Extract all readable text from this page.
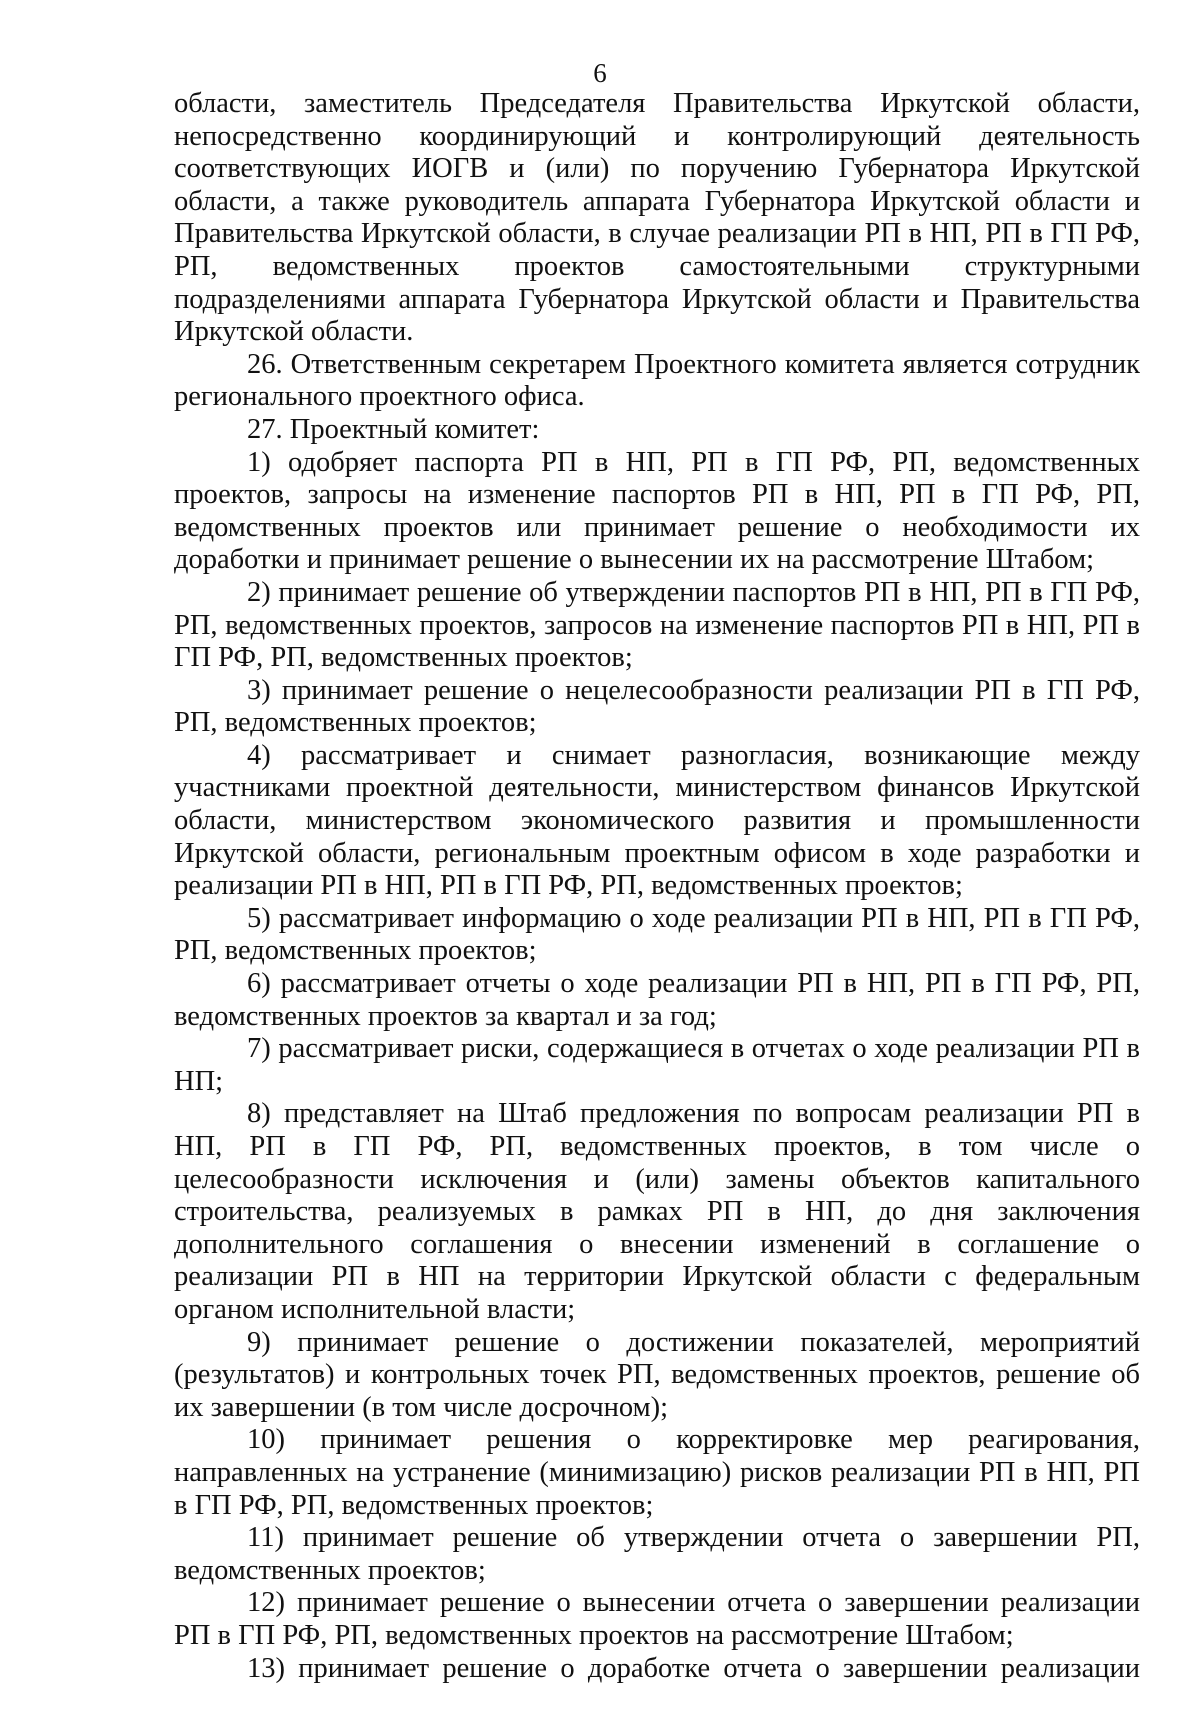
6

области, заместитель Председателя Правительства Иркутской области, непосредственно координирующий и контролирующий деятельность соответствующих ИОГВ и (или) по поручению Губернатора Иркутской области, а также руководитель аппарата Губернатора Иркутской области и Правительства Иркутской области, в случае реализации РП в НП, РП в ГП РФ, РП, ведомственных проектов самостоятельными структурными подразделениями аппарата Губернатора Иркутской области и Правительства Иркутской области.

26. Ответственным секретарем Проектного комитета является сотрудник регионального проектного офиса.

27. Проектный комитет:

1) одобряет паспорта РП в НП, РП в ГП РФ, РП, ведомственных проектов, запросы на изменение паспортов РП в НП, РП в ГП РФ, РП, ведомственных проектов или принимает решение о необходимости их доработки и принимает решение о вынесении их на рассмотрение Штабом;

2) принимает решение об утверждении паспортов РП в НП, РП в ГП РФ, РП, ведомственных проектов, запросов на изменение паспортов РП в НП, РП в ГП РФ, РП, ведомственных проектов;

3) принимает решение о нецелесообразности реализации РП в ГП РФ, РП, ведомственных проектов;

4) рассматривает и снимает разногласия, возникающие между участниками проектной деятельности, министерством финансов Иркутской области, министерством экономического развития и промышленности Иркутской области, региональным проектным офисом в ходе разработки и реализации РП в НП, РП в ГП РФ, РП, ведомственных проектов;

5) рассматривает информацию о ходе реализации РП в НП, РП в ГП РФ, РП, ведомственных проектов;

6) рассматривает отчеты о ходе реализации РП в НП, РП в ГП РФ, РП, ведомственных проектов за квартал и за год;

7) рассматривает риски, содержащиеся в отчетах о ходе реализации РП в НП;

8) представляет на Штаб предложения по вопросам реализации РП в НП, РП в ГП РФ, РП, ведомственных проектов, в том числе о целесообразности исключения и (или) замены объектов капитального строительства, реализуемых в рамках РП в НП, до дня заключения дополнительного соглашения о внесении изменений в соглашение о реализации РП в НП на территории Иркутской области с федеральным органом исполнительной власти;

9) принимает решение о достижении показателей, мероприятий (результатов) и контрольных точек РП, ведомственных проектов, решение об их завершении (в том числе досрочном);

10) принимает решения о корректировке мер реагирования, направленных на устранение (минимизацию) рисков реализации РП в НП, РП в ГП РФ, РП, ведомственных проектов;

11) принимает решение об утверждении отчета о завершении РП, ведомственных проектов;

12) принимает решение о вынесении отчета о завершении реализации РП в ГП РФ, РП, ведомственных проектов на рассмотрение Штабом;

13) принимает решение о доработке отчета о завершении реализации
